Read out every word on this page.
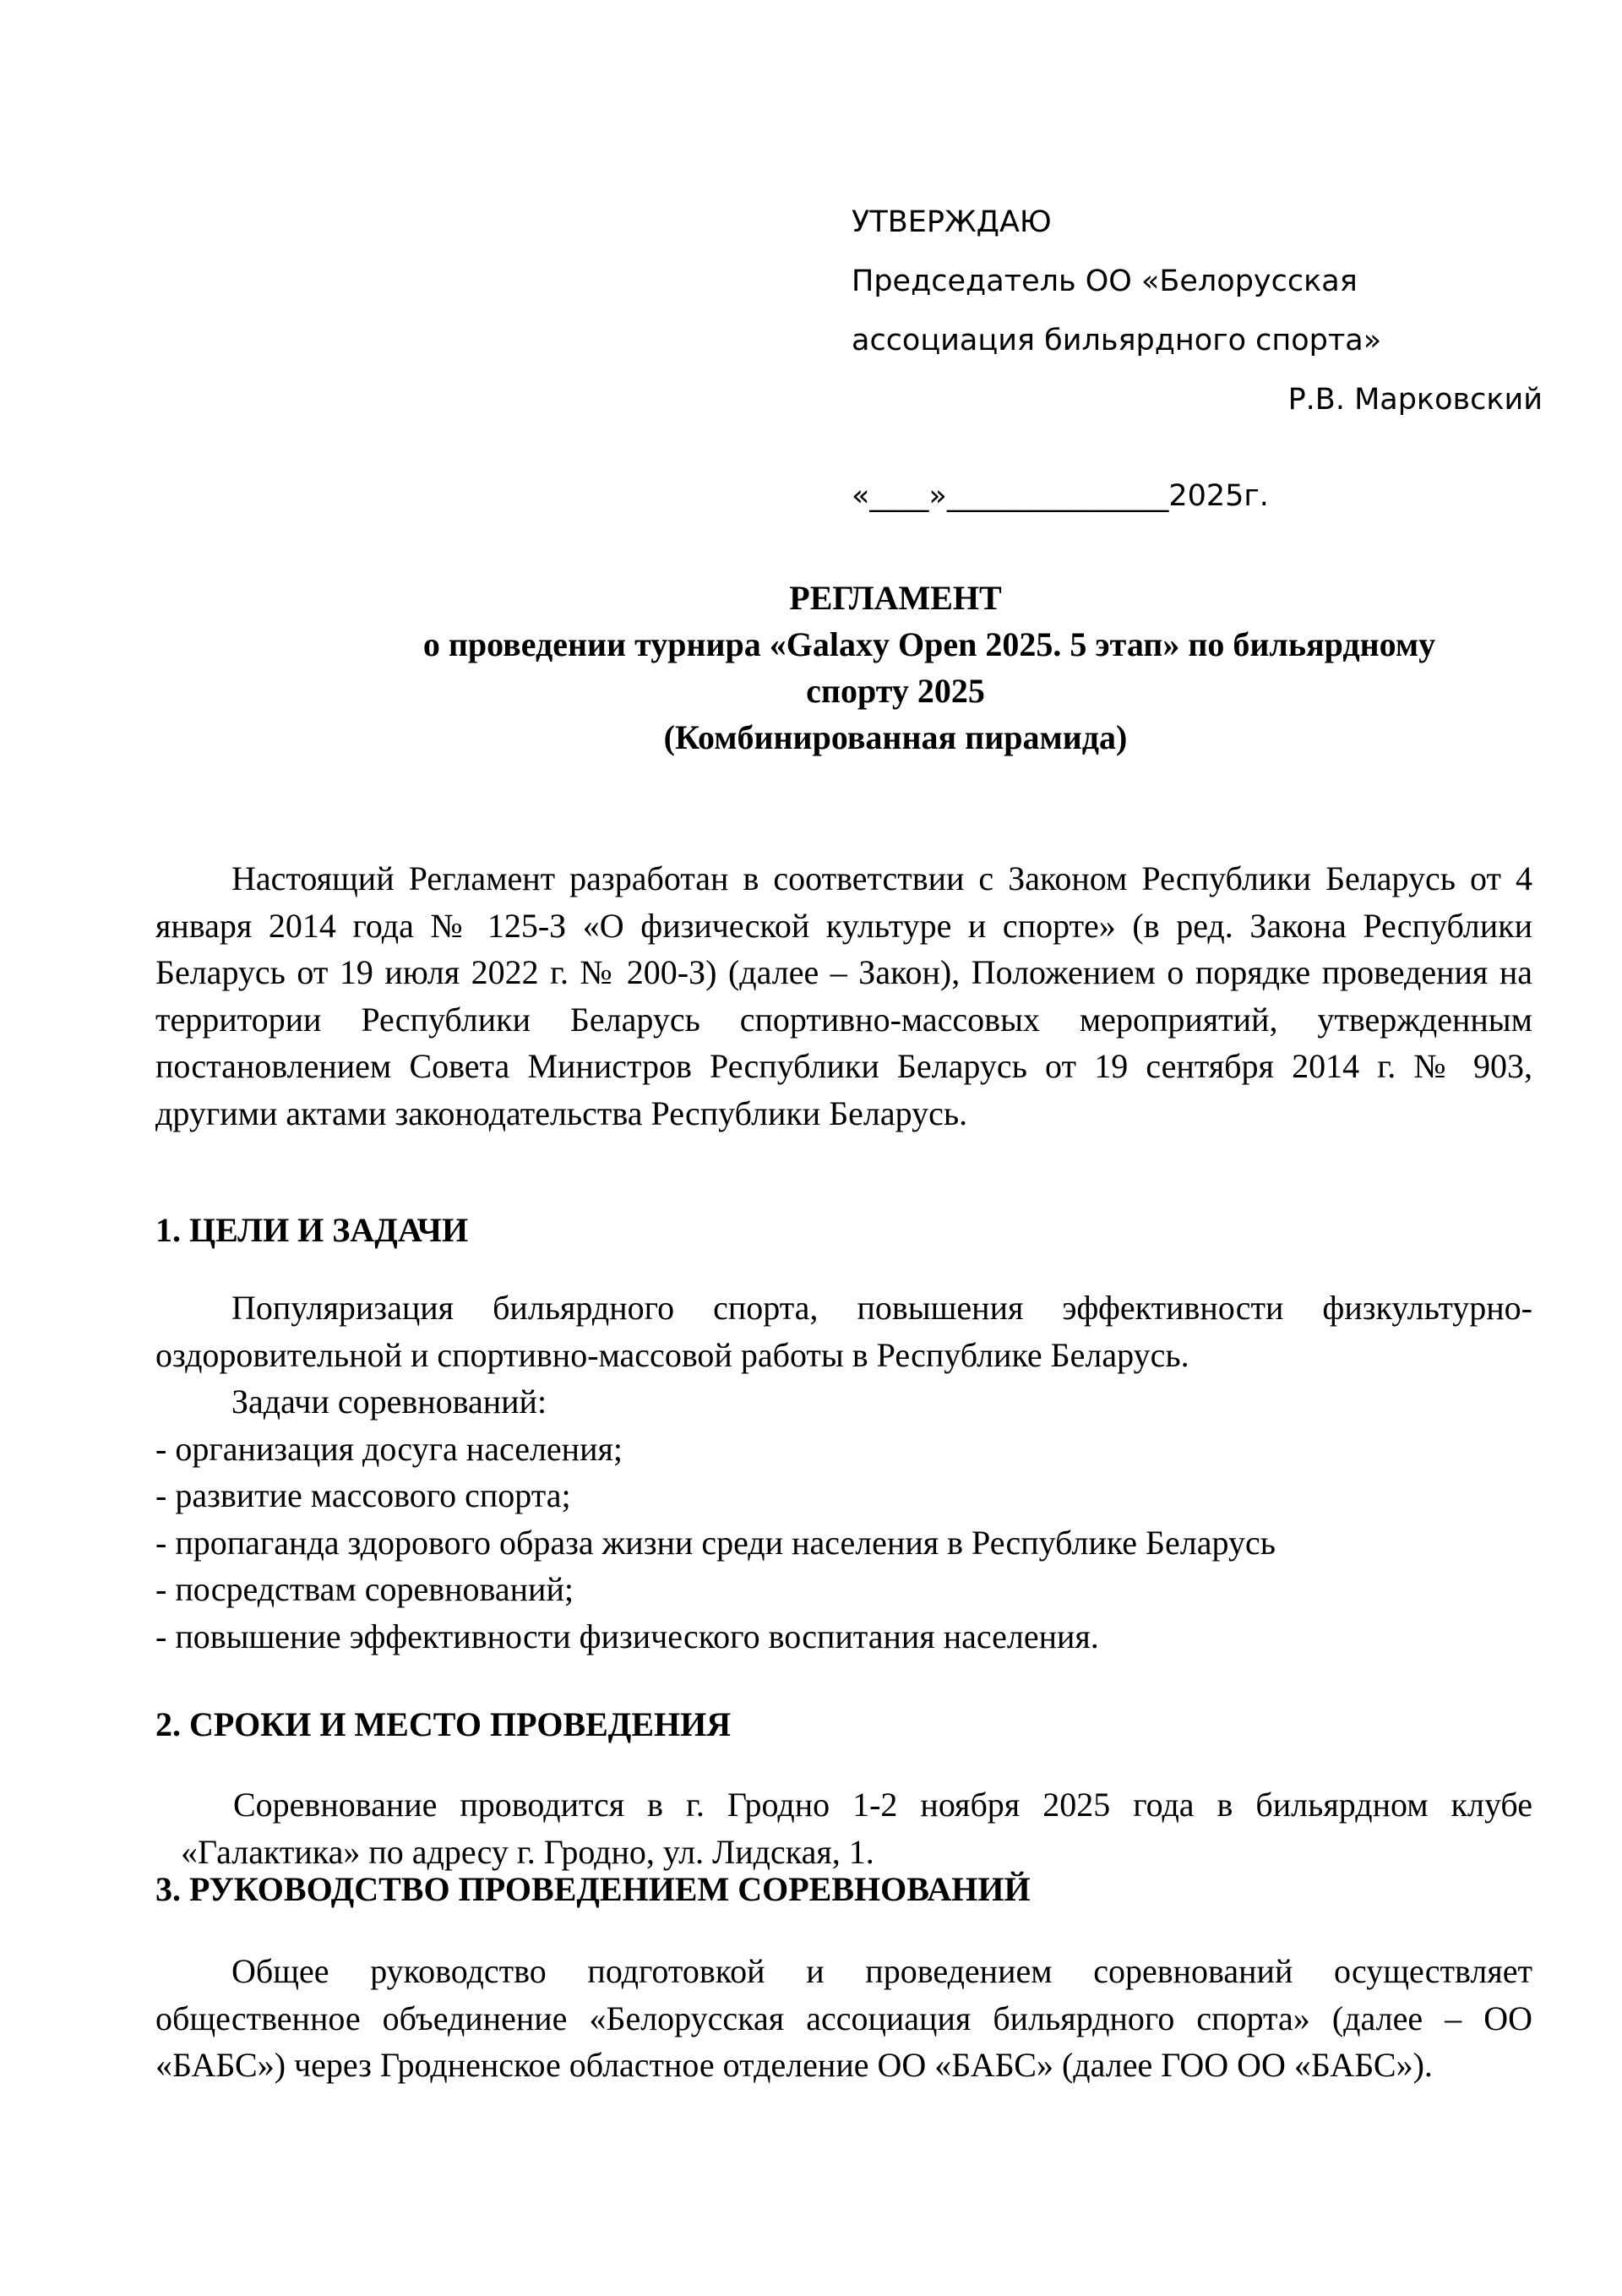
УТВЕРЖДАЮ
Председатель ОО «Белорусская
ассоциация бильярдного спорта»
Р.В. Марковский
«____»_______________2025г.
РЕГЛАМЕНТ
о проведении турнира «Galaxy Open 2025. 5 этап» по бильярдному
спорту 2025
(Комбинированная пирамида)

Настоящий Регламент разработан в соответствии с Законом Республики Беларусь от 4 января 2014 года № 125-З «О физической культуре и спорте» (в ред. Закона Республики Беларусь от 19 июля 2022 г. № 200-З) (далее – Закон), Положением о порядке проведения на территории Республики Беларусь спортивно-массовых мероприятий, утвержденным постановлением Совета Министров Республики Беларусь от 19 сентября 2014 г. № 903, другими актами законодательства Республики Беларусь.

1. ЦЕЛИ И ЗАДАЧИ

Популяризация бильярдного спорта, повышения эффективности физкультурно-оздоровительной и спортивно-массовой работы в Республике Беларусь.

Задачи соревнований:
- организация досуга населения;
- развитие массового спорта;
- пропаганда здорового образа жизни среди населения в Республике Беларусь
- посредствам соревнований;
- повышение эффективности физического воспитания населения.
2. СРОКИ И МЕСТО ПРОВЕДЕНИЯ

Соревнование проводится в г. Гродно 1-2 ноября 2025 года в бильярдном клубе «Галактика» по адресу г. Гродно, ул. Лидская, 1.

3. РУКОВОДСТВО ПРОВЕДЕНИЕМ СОРЕВНОВАНИЙ

Общее руководство подготовкой и проведением соревнований осуществляет общественное объединение «Белорусская ассоциация бильярдного спорта» (далее – ОО «БАБС») через Гродненское областное отделение ОО «БАБС» (далее ГОО ОО «БАБС»).
